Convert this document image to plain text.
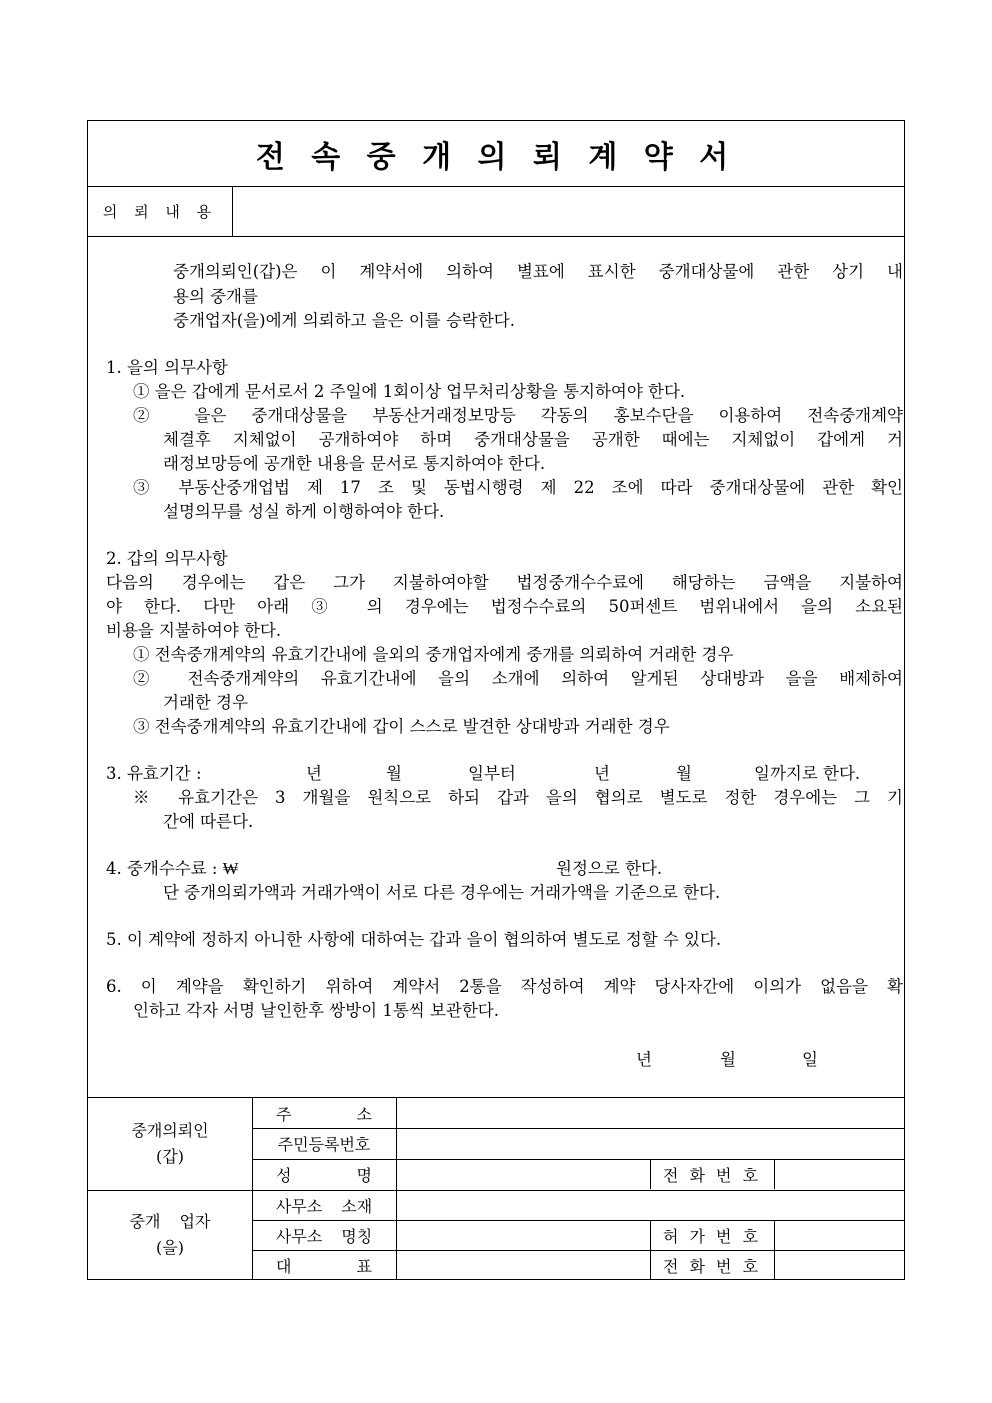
전 속 중 개 의 뢰 계 약 서
의 뢰 내 용
중개의뢰인(갑)은 이 계약서에 의하여 별표에 표시한 중개대상물에 관한 상기 내
용의 중개를
중개업자(을)에게 의뢰하고 을은 이를 승락한다.
1. 을의 의무사항
① 을은 갑에게 문서로서 2 주일에 1회이상 업무처리상황을 통지하여야 한다.
② 을은 중개대상물을 부동산거래정보망등 각동의 홍보수단을 이용하여 전속중개계약
체결후 지체없이 공개하여야 하며 중개대상물을 공개한 때에는 지체없이 갑에게 거
래정보망등에 공개한 내용을 문서로 통지하여야 한다.
③ 부동산중개업법 제 17 조 및 동법시행령 제 22 조에 따라 중개대상물에 관한 확인
설명의무를 성실 하게 이행하여야 한다.
2. 갑의 의무사항
다음의 경우에는 갑은 그가 지불하여야할 법정중개수수료에 해당하는 금액을 지불하여
야 한다. 다만 아래 ③ 의 경우에는 법정수수료의 50퍼센트 범위내에서 을의 소요된
비용을 지불하여야 한다.
① 전속중개계약의 유효기간내에 을외의 중개업자에게 중개를 의뢰하여 거래한 경우
② 전속중개계약의 유효기간내에 을의 소개에 의하여 알게된 상대방과 을을 배제하여
거래한 경우
③ 전속중개계약의 유효기간내에 갑이 스스로 발견한 상대방과 거래한 경우
3. 유효기간 :	년	월	일부터	년	월	일까지로 한다.
※ 유효기간은 3 개월을 원칙으로 하되 갑과 을의 협의로 별도로 정한 경우에는 그 기
간에 따른다.
4. 중개수수료 : ₩	원정으로 한다.
단 중개의뢰가액과 거래가액이 서로 다른 경우에는 거래가액을 기준으로 한다.
5. 이 계약에 정하지 아니한 사항에 대하여는 갑과 을이 협의하여 별도로 정할 수 있다.
6. 이 계약을 확인하기 위하여 계약서 2통을 작성하여 계약 당사자간에 이의가 없음을 확
인하고 각자 서명 날인한후 쌍방이 1통씩 보관한다.
년	월	일
중개의뢰인
(갑)
주 소
주민등록번호
성 명	전 화 번 호
중개 업자
(을)
사무소 소재
사무소 명칭	허 가 번 호
대 표	전 화 번 호
